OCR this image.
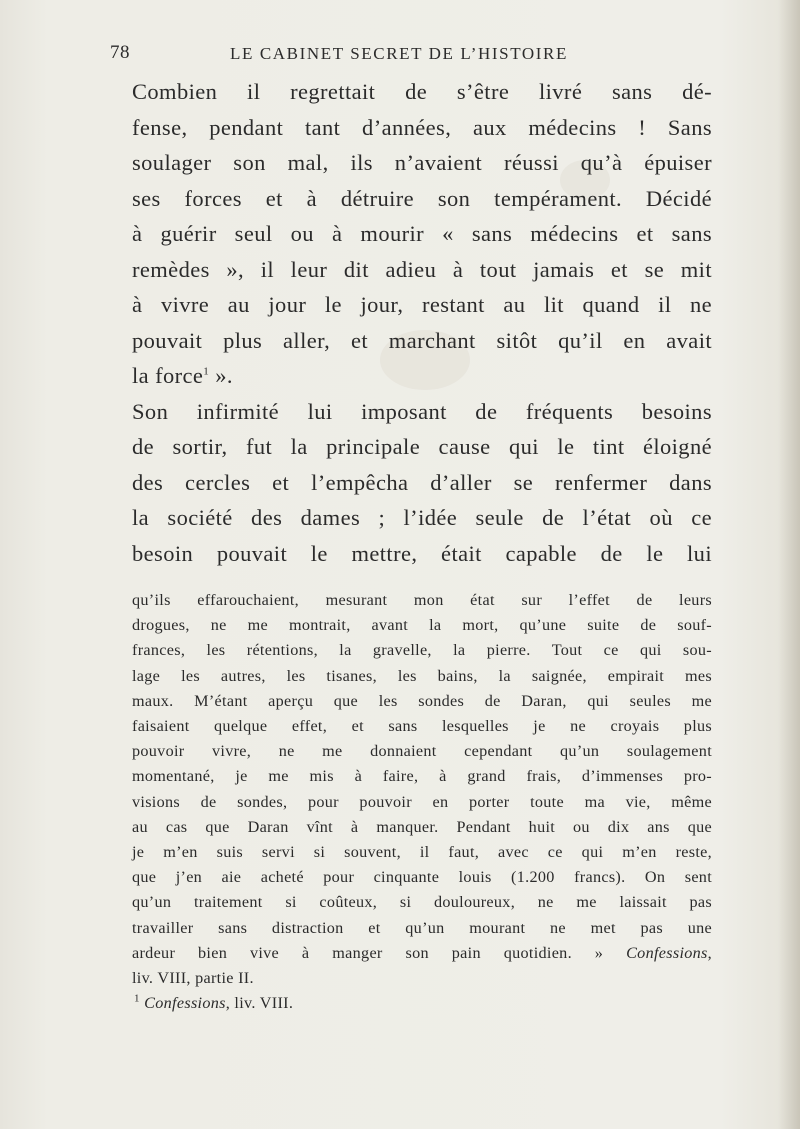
78	LE CABINET SECRET DE L’HISTOIRE

Combien il regrettait de s’être livré sans dé-

fense, pendant tant d’années, aux médecins ! Sans

soulager son mal, ils n’avaient réussi qu’à épuiser

ses forces et à détruire son tempérament. Décidé

à guérir seul ou à mourir « sans médecins et sans

remèdes », il leur dit adieu à tout jamais et se mit

à vivre au jour le jour, restant au lit quand il ne

pouvait plus aller, et marchant sitôt qu’il en avait

la force$^1$ ».

Son infirmité lui imposant de fréquents besoins

de sortir, fut la principale cause qui le tint éloigné

des cercles et l’empêcha d’aller se renfermer dans

la société des dames ; l’idée seule de l’état où ce

besoin pouvait le mettre, était capable de le lui

qu’ils effarouchaient, mesurant mon état sur l’effet de leurs

drogues, ne me montrait, avant la mort, qu’une suite de souf-

frances, les rétentions, la gravelle, la pierre. Tout ce qui sou-

lage les autres, les tisanes, les bains, la saignée, empirait mes

maux. M’étant aperçu que les sondes de Daran, qui seules me

faisaient quelque effet, et sans lesquelles je ne croyais plus

pouvoir vivre, ne me donnaient cependant qu’un soulagement

momentané, je me mis à faire, à grand frais, d’immenses pro-

visions de sondes, pour pouvoir en porter toute ma vie, même

au cas que Daran vînt à manquer. Pendant huit ou dix ans que

je m’en suis servi si souvent, il faut, avec ce qui m’en reste,

que j’en aie acheté pour cinquante louis (1.200 francs). On sent

qu’un traitement si coûteux, si douloureux, ne me laissait pas

travailler sans distraction et qu’un mourant ne met pas une

ardeur bien vive à manger son pain quotidien. » Confessions,

liv. VIII, partie II.

$^1$ Confessions, liv. VIII.
